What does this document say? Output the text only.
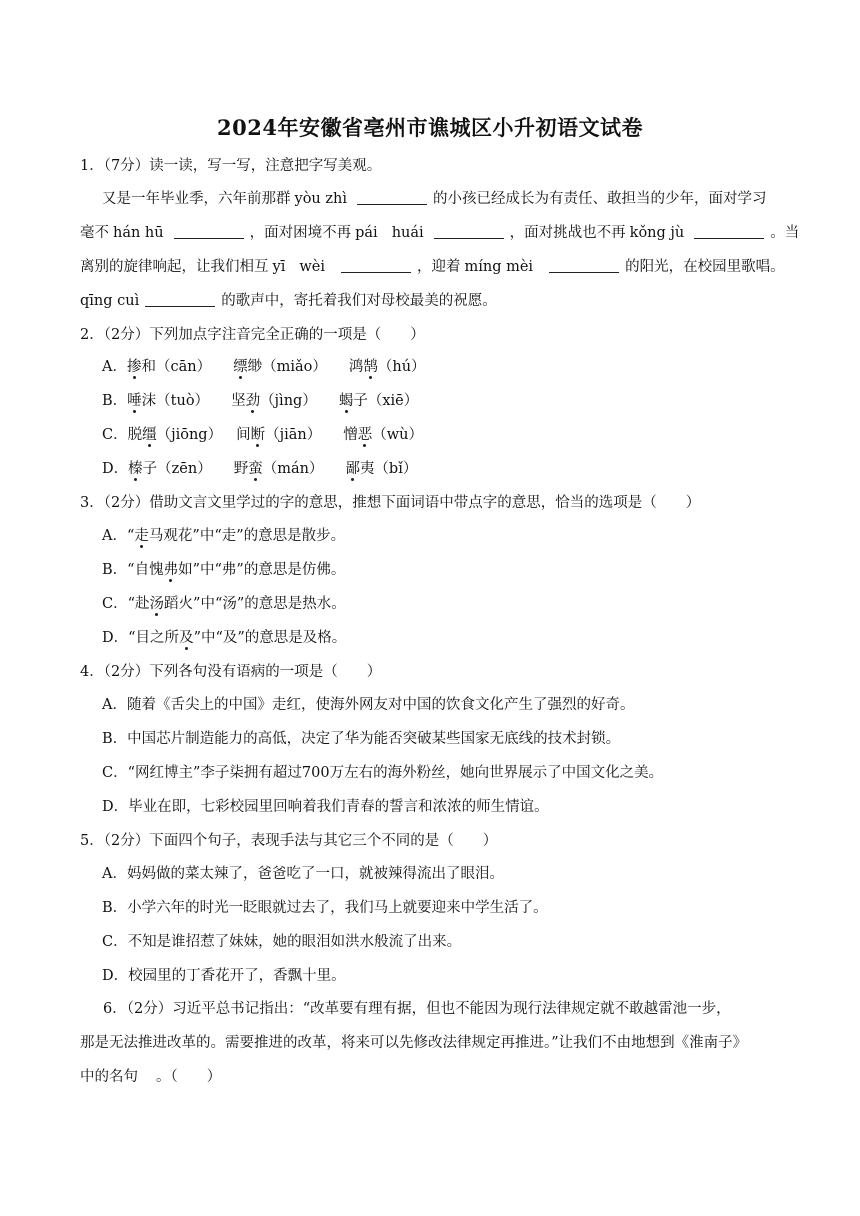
2024年安徽省亳州市谯城区小升初语文试卷
1．（7分）读一读，写一写，注意把字写美观。
又是一年毕业季，六年前那群 yòu zhì	的小孩已经成长为有责任、敢担当的少年，面对学习
毫不 hán hū	，面对困境不再 pái huái	，面对挑战也不再 kǒng jù	。当
离别的旋律响起，让我们相互 yī wèi	，迎着 míng mèi	的阳光，在校园里歌唱。
qīng cuì	的歌声中，寄托着我们对母校最美的祝愿。
2．（2分）下列加点字注音完全正确的一项是（　　）
A．掺和（cān） 缥缈（miǎo） 鸿鹄（hú）
B．唾沫（tuò） 坚劲（jìng） 蝎子（xiē）
C．脱缰（jiōng） 间断（jiān） 憎恶（wù）
D．榛子（zēn） 野蛮（mán） 鄙夷（bǐ）
3．（2分）借助文言文里学过的字的意思，推想下面词语中带点字的意思，恰当的选项是（　　）
A．“走马观花”中“走”的意思是散步。
B．“自愧弗如”中“弗”的意思是仿佛。
C．“赴汤蹈火”中“汤”的意思是热水。
D．“目之所及”中“及”的意思是及格。
4．（2分）下列各句没有语病的一项是（　　）
A．随着《舌尖上的中国》走红，使海外网友对中国的饮食文化产生了强烈的好奇。
B．中国芯片制造能力的高低，决定了华为能否突破某些国家无底线的技术封锁。
C．“网红博主”李子柒拥有超过700万左右的海外粉丝，她向世界展示了中国文化之美。
D．毕业在即，七彩校园里回响着我们青春的誓言和浓浓的师生情谊。
5．（2分）下面四个句子，表现手法与其它三个不同的是（　　）
A．妈妈做的菜太辣了，爸爸吃了一口，就被辣得流出了眼泪。
B．小学六年的时光一眨眼就过去了，我们马上就要迎来中学生活了。
C．不知是谁招惹了妹妹，她的眼泪如洪水般流了出来。
D．校园里的丁香花开了，香飘十里。
6．（2分）习近平总书记指出：“改革要有理有据，但也不能因为现行法律规定就不敢越雷池一步，
那是无法推进改革的。需要推进的改革，将来可以先修改法律规定再推进。”让我们不由地想到《淮南子》
中的名句 。（　　）
